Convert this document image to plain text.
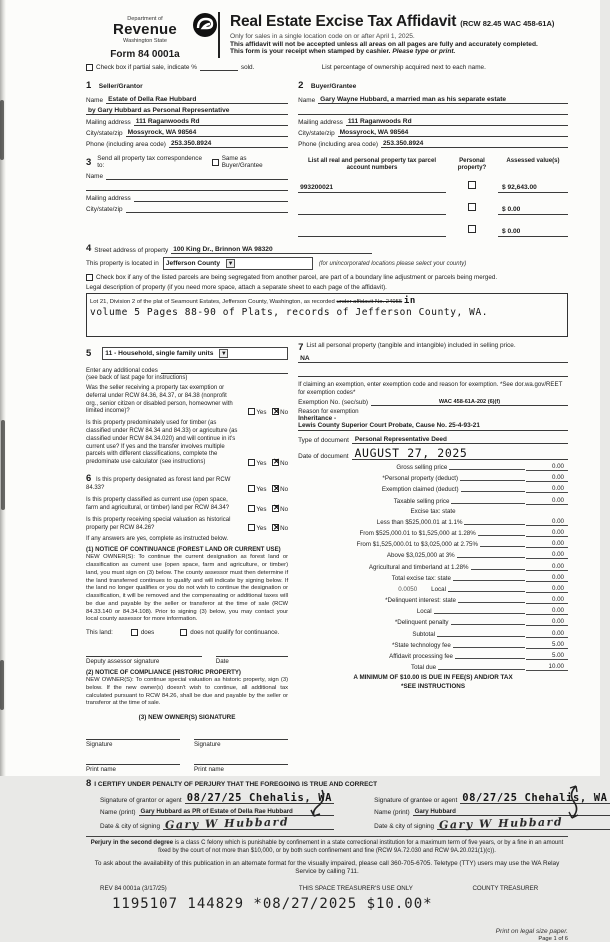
Department of
Revenue
Washington State
Form 84 0001a
Real Estate Excise Tax Affidavit (RCW 82.45 WAC 458-61A)
Only for sales in a single location code on or after April 1, 2025.
This affidavit will not be accepted unless all areas on all pages are fully and accurately completed.
This form is your receipt when stamped by cashier. Please type or print.
Check box if partial sale, indicate %	sold.	List percentage of ownership acquired next to each name.
1 Seller/Grantor
Name Estate of Della Rae Hubbard
by Gary Hubbard as Personal Representative
Mailing address 111 Raganwoods Rd
City/state/zip Mossyrock, WA 98564
Phone (including area code) 253.350.8924
2 Buyer/Grantee
Name Gary Wayne Hubbard, a married man as his separate estate
Mailing address 111 Raganwoods Rd
City/state/zip Mossyrock, WA 98564
Phone (including area code) 253.350.8924
3 Send all property tax correspondence to:
Same as Buyer/Grantee
Name
Mailing address
City/state/zip
List all real and personal property tax parcel account numbers
Personal property?
Assessed value(s)
993200021	$ 92,643.00
$ 0.00
$ 0.00
4 Street address of property 100 King Dr., Brinnon WA 98320
This property is located in Jefferson County ▼	(for unincorporated locations please select your county)
Check box if any of the listed parcels are being segregated from another parcel, are part of a boundary line adjustment or parcels being merged.
Legal description of property (if you need more space, attach a separate sheet to each page of the affidavit).
Lot 21, Division 2 of the plat of Seamount Estates, Jefferson County, Washington, as recorded under affidavit No. 24955 in
volume 5 Pages 88-90 of Plats, records of Jefferson County, WA.
5	11 - Household, single family units ▼
Enter any additional codes
(see back of last page for instructions)
Was the seller receiving a property tax exemption or deferral under RCW 84.36, 84.37, or 84.38 (nonprofit org., senior citizen or disabled person, homeowner with limited income)?	Yes ✕ No
Is this property predominately used for timber (as classified under RCW 84.34 and 84.33) or agriculture (as classified under RCW 84.34.020) and will continue in it's current use? If yes and the transfer involves multiple parcels with different classifications, complete the predominate use calculator (see instructions)	Yes ✕ No
6 Is this property designated as forest land per RCW 84.33?	Yes ✕ No
Is this property classified as current use (open space, farm and agricultural, or timber) land per RCW 84.34?	Yes ✕ No
Is this property receiving special valuation as historical property per RCW 84.26?	Yes ✕ No
If any answers are yes, complete as instructed below.
(1) NOTICE OF CONTINUANCE (FOREST LAND OR CURRENT USE)
NEW OWNER(S): To continue the current designation as forest land or classification as current use (open space, farm and agriculture, or timber) land, you must sign on (3) below. The county assessor must then determine if the land transferred continues to qualify and will indicate by signing below. If the land no longer qualifies or you do not wish to continue the designation or classification, it will be removed and the compensating or additional taxes will be due and payable by the seller or transferor at the time of sale (RCW 84.33.140 or 84.34.108). Prior to signing (3) below, you may contact your local county assessor for more information.
This land:	does	does not qualify for continuance.
Deputy assessor signature	Date
(2) NOTICE OF COMPLIANCE (HISTORIC PROPERTY)
NEW OWNER(S): To continue special valuation as historic property, sign (3) below. If the new owner(s) doesn't wish to continue, all additional tax calculated pursuant to RCW 84.26, shall be due and payable by the seller or transferor at the time of sale.
(3) NEW OWNER(S) SIGNATURE
Signature	Signature
Print name	Print name
7 List all personal property (tangible and intangible) included in selling price.
NA
If claiming an exemption, enter exemption code and reason for exemption. *See dor.wa.gov/REET for exemption codes*
Exemption No. (sec/sub)	WAC 458-61A-202 (6)(f)
Reason for exemption
Inheritance -
Lewis County Superior Court Probate, Cause No. 25-4-93-21
Type of document Personal Representative Deed
Date of document AUGUST 27, 2025
Gross selling price	0.00
*Personal property (deduct)	0.00
Exemption claimed (deduct)	0.00
Taxable selling price	0.00
Excise tax: state
Less than $525,000.01 at 1.1%	0.00
From $525,000.01 to $1,525,000 at 1.28%	0.00
From $1,525,000.01 to $3,025,000 at 2.75%	0.00
Above $3,025,000 at 3%	0.00
Agricultural and timberland at 1.28%	0.00
Total excise tax: state	0.00
0.0050 Local	0.00
*Delinquent interest: state	0.00
Local	0.00
*Delinquent penalty	0.00
Subtotal	0.00
*State technology fee	5.00
Affidavit processing fee	5.00
Total due	10.00
A MINIMUM OF $10.00 IS DUE IN FEE(S) AND/OR TAX
*SEE INSTRUCTIONS
8 I CERTIFY UNDER PENALTY OF PERJURY THAT THE FOREGOING IS TRUE AND CORRECT
Signature of grantor or agent 08/27/25 Chehalis, WA
Name (print) Gary Hubbard as PR of Estate of Della Rae Hubbard
Date & city of signing Gary W Hubbard
Signature of grantee or agent 08/27/25 Chehalis, WA
Name (print) Gary Hubbard
Date & city of signing Gary W Hubbard
Perjury in the second degree is a class C felony which is punishable by confinement in a state correctional institution for a maximum term of five years, or by a fine in an amount fixed by the court of not more than $10,000, or by both such confinement and fine (RCW 9A.72.030 and RCW 9A.20.021(1)(c)).
To ask about the availability of this publication in an alternate format for the visually impaired, please call 360-705-6705. Teletype (TTY) users may use the WA Relay Service by calling 711.
REV 84 0001a (3/17/25)	THIS SPACE TREASURER'S USE ONLY	COUNTY TREASURER
1195107 144829 *08/27/2025 $10.00*
Print on legal size paper.
Page 1 of 6
